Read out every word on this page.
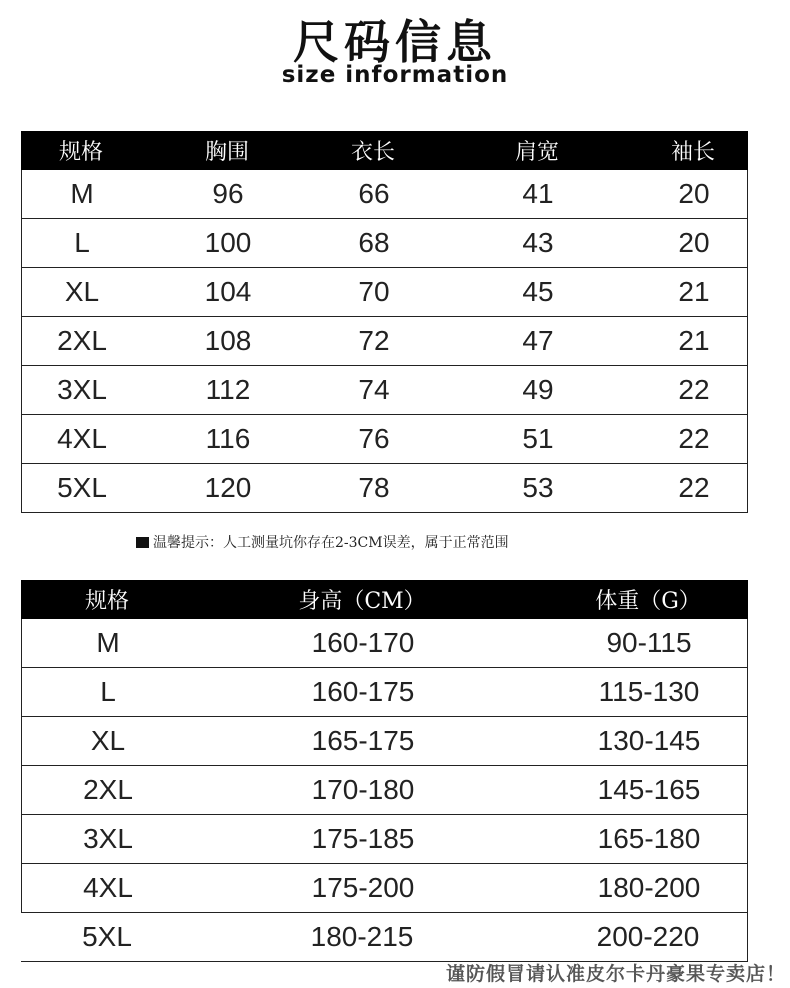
尺码信息
size information
规格	胸围	衣长	肩宽	袖长
M	96	66	41	20
L	100	68	43	20
XL	104	70	45	21
2XL	108	72	47	21
3XL	112	74	49	22
4XL	116	76	51	22
5XL	120	78	53	22
温馨提示：人工测量坑你存在2-3CM误差，属于正常范围
规格	身高（CM）	体重（G）
M	160-170	90-115
L	160-175	115-130
XL	165-175	130-145
2XL	170-180	145-165
3XL	175-185	165-180
4XL	175-200	180-200
5XL	180-215	200-220
谨防假冒请认准皮尔卡丹豪果专卖店！
